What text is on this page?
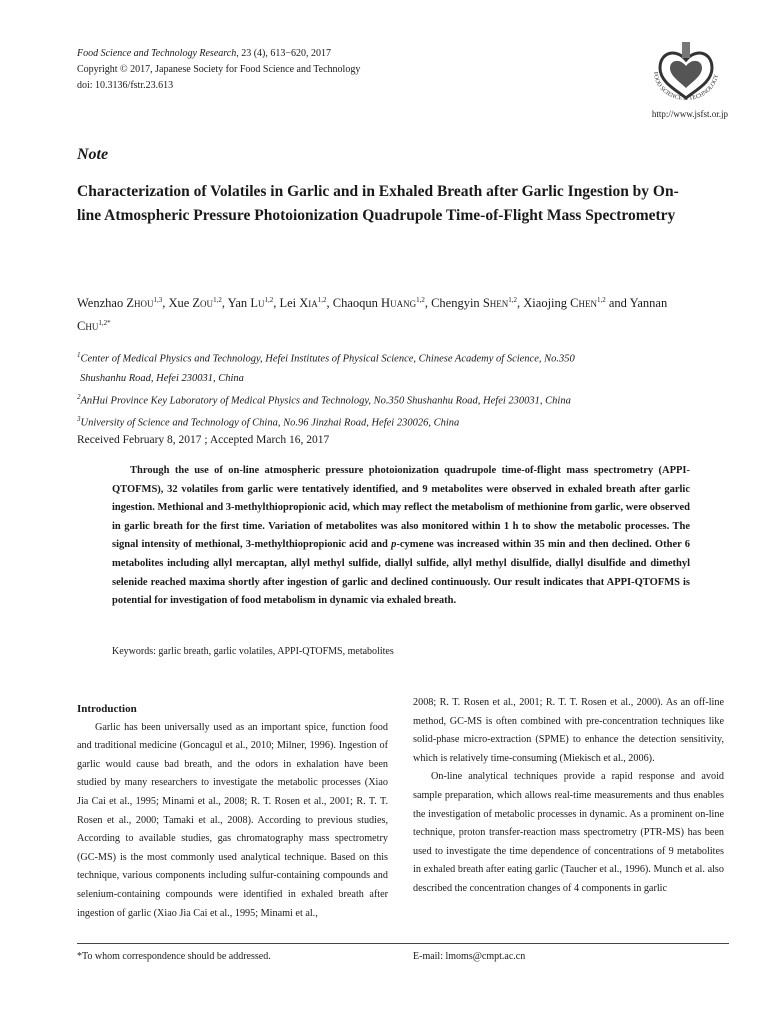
Food Science and Technology Research, 23 (4), 613−620, 2017
Copyright © 2017, Japanese Society for Food Science and Technology
doi: 10.3136/fstr.23.613
FOOD SCIENCE & TECHNOLOGY
http://www.jsfst.or.jp
Note
Characterization of Volatiles in Garlic and in Exhaled Breath after Garlic Ingestion by On-line Atmospheric Pressure Photoionization Quadrupole Time-of-Flight Mass Spectrometry
Wenzhao Zhou$^{1,3}$, Xue Zou$^{1,2}$, Yan Lu$^{1,2}$, Lei Xia$^{1,2}$, Chaoqun Huang$^{1,2}$, Chengyin Shen$^{1,2}$, Xiaojing Chen$^{1,2}$ and Yannan Chu$^{1,2*}$
$^1$Center of Medical Physics and Technology, Hefei Institutes of Physical Science, Chinese Academy of Science, No.350
Shushanhu Road, Hefei 230031, China
$^2$AnHui Province Key Laboratory of Medical Physics and Technology, No.350 Shushanhu Road, Hefei 230031, China
$^3$University of Science and Technology of China, No.96 Jinzhai Road, Hefei 230026, China
Received February 8, 2017 ; Accepted March 16, 2017

Through the use of on-line atmospheric pressure photoionization quadrupole time-of-flight mass spectrometry (APPI-QTOFMS), 32 volatiles from garlic were tentatively identified, and 9 metabolites were observed in exhaled breath after garlic ingestion. Methional and 3-methylthiopropionic acid, which may reflect the metabolism of methionine from garlic, were observed in garlic breath for the first time. Variation of metabolites was also monitored within 1 h to show the metabolic processes. The signal intensity of methional, 3-methylthiopropionic acid and p-cymene was increased within 35 min and then declined. Other 6 metabolites including allyl mercaptan, allyl methyl sulfide, diallyl sulfide, allyl methyl disulfide, diallyl disulfide and dimethyl selenide reached maxima shortly after ingestion of garlic and declined continuously. Our result indicates that APPI-QTOFMS is potential for investigation of food metabolism in dynamic via exhaled breath.

Keywords: garlic breath, garlic volatiles, APPI-QTOFMS, metabolites
Introduction

Garlic has been universally used as an important spice, function food and traditional medicine (Goncagul et al., 2010; Milner, 1996). Ingestion of garlic would cause bad breath, and the odors in exhalation have been studied by many researchers to investigate the metabolic processes (Xiao Jia Cai et al., 1995; Minami et al., 2008; R. T. Rosen et al., 2001; R. T. T. Rosen et al., 2000; Tamaki et al., 2008). According to previous studies, According to available studies, gas chromatography mass spectrometry (GC-MS) is the most commonly used analytical technique. Based on this technique, various components including sulfur-containing compounds and selenium-containing compounds were identified in exhaled breath after ingestion of garlic (Xiao Jia Cai et al., 1995; Minami et al.,

2008; R. T. Rosen et al., 2001; R. T. T. Rosen et al., 2000). As an off-line method, GC-MS is often combined with pre-concentration techniques like solid-phase micro-extraction (SPME) to enhance the detection sensitivity, which is relatively time-consuming (Miekisch et al., 2006).

On-line analytical techniques provide a rapid response and avoid sample preparation, which allows real-time measurements and thus enables the investigation of metabolic processes in dynamic. As a prominent on-line technique, proton transfer-reaction mass spectrometry (PTR-MS) has been used to investigate the time dependence of concentrations of 9 metabolites in exhaled breath after eating garlic (Taucher et al., 1996). Munch et al. also described the concentration changes of 4 components in garlic

*To whom correspondence should be addressed.	E-mail: lmoms@cmpt.ac.cn
